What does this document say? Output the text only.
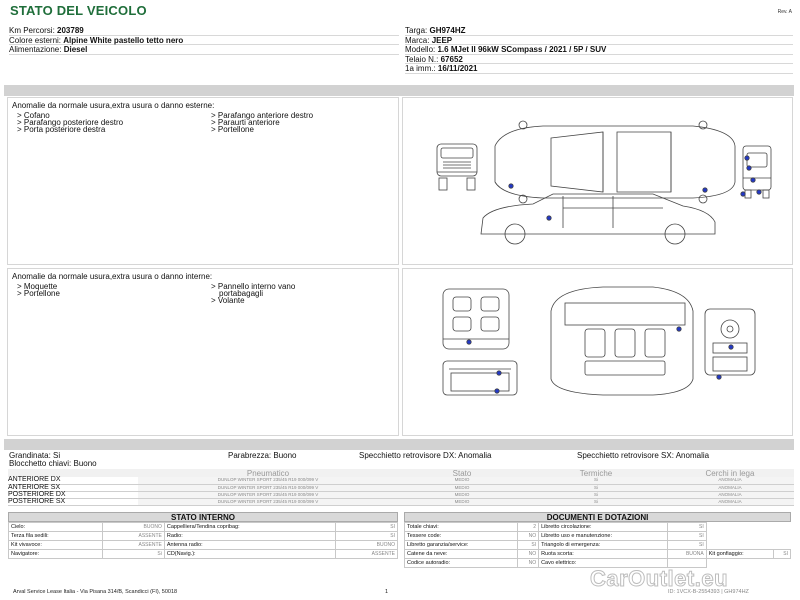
STATO DEL VEICOLO	Rev. A
Km Percorsi: 203789
Colore esterni: Alpine White pastello tetto nero
Alimentazione: Diesel
Targa: GH974HZ
Marca: JEEP
Modello: 1.6 MJet II 96kW SCompass / 2021 / 5P / SUV
Telaio N.: 67652
1a imm.: 16/11/2021
Anomalie da normale usura,extra usura o danno esterne:
> Cofano
> Parafango posteriore destro
> Porta posteriore destra
> Parafango anteriore destro
> Paraurti anteriore
> Portellone
Anomalie da normale usura,extra usura o danno interne:
> Moquette
> Portellone
> Pannello interno vano
portabagagli
> Volante
Grandinata: Si
Blocchetto chiavi: Buono
Parabrezza: Buono	Specchietto retrovisore DX: Anomalia	Specchietto retrovisore SX: Anomalia
	Pneumatico	Stato	Termiche	Cerchi in lega
ANTERIORE DX	DUNLOP WINTER SPORT 235/45 R19 000/099 V	MEDIO	Si	ANOMALIA
ANTERIORE SX	DUNLOP WINTER SPORT 235/45 R19 000/099 V	MEDIO	Si	ANOMALIA
POSTERIORE DX	DUNLOP WINTER SPORT 235/45 R19 000/099 V	MEDIO	Si	ANOMALIA
POSTERIORE SX	DUNLOP WINTER SPORT 235/45 R19 000/099 V	MEDIO	Si	ANOMALIA
STATO INTERNO
Cielo:	BUONO	Cappelliera/Tendina copribag:	SI
Terza fila sedili:	ASSENTE	Radio:	SI
Kit vivavoce:	ASSENTE	Antenna radio:	BUONO
Navigatore:	Si	CD(Navig.):	ASSENTE
DOCUMENTI E DOTAZIONI
Totale chiavi:	2	Libretto circolazione:	SI		
Tessere code:	NO	Libretto uso e manutenzione:	SI		
Libretto garanzia/service:	SI	Triangolo di emergenza:	SI		
Catene da neve:	NO	Ruota scorta:	BUONA	Kit gonfiaggio:	SI
Codice autoradio:	NO	Cavo elettrico:			
CarOutlet.eu
Arval Service Lease Italia - Via Pisana 314/B, Scandicci (FI), 50018	1	ID: 1VCX-B-2554393 | GH974HZ
